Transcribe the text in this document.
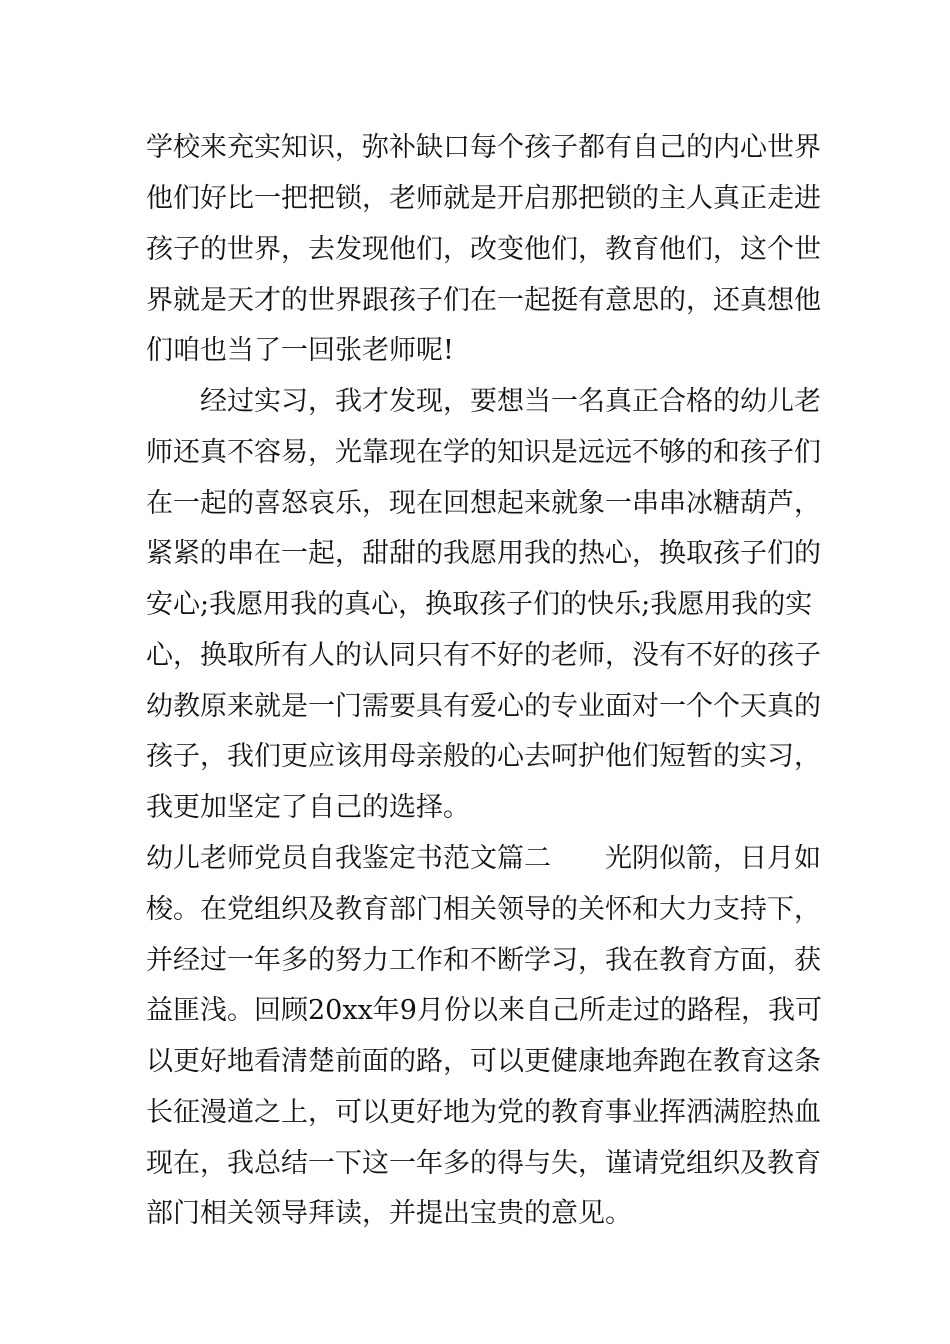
学校来充实知识，弥补缺口每个孩子都有自己的内心世界
他们好比一把把锁，老师就是开启那把锁的主人真正走进
孩子的世界，去发现他们，改变他们，教育他们，这个世
界就是天才的世界跟孩子们在一起挺有意思的，还真想他
们咱也当了一回张老师呢!
　　经过实习，我才发现，要想当一名真正合格的幼儿老
师还真不容易，光靠现在学的知识是远远不够的和孩子们
在一起的喜怒哀乐，现在回想起来就象一串串冰糖葫芦，
紧紧的串在一起，甜甜的我愿用我的热心，换取孩子们的
安心;我愿用我的真心，换取孩子们的快乐;我愿用我的实
心，换取所有人的认同只有不好的老师，没有不好的孩子
幼教原来就是一门需要具有爱心的专业面对一个个天真的
孩子，我们更应该用母亲般的心去呵护他们短暂的实习，
我更加坚定了自己的选择。
幼儿老师党员自我鉴定书范文篇二　　光阴似箭，日月如
梭。在党组织及教育部门相关领导的关怀和大力支持下，
并经过一年多的努力工作和不断学习，我在教育方面，获
益匪浅。回顾20xx年9月份以来自己所走过的路程，我可
以更好地看清楚前面的路，可以更健康地奔跑在教育这条
长征漫道之上，可以更好地为党的教育事业挥洒满腔热血
现在，我总结一下这一年多的得与失，谨请党组织及教育
部门相关领导拜读，并提出宝贵的意见。
